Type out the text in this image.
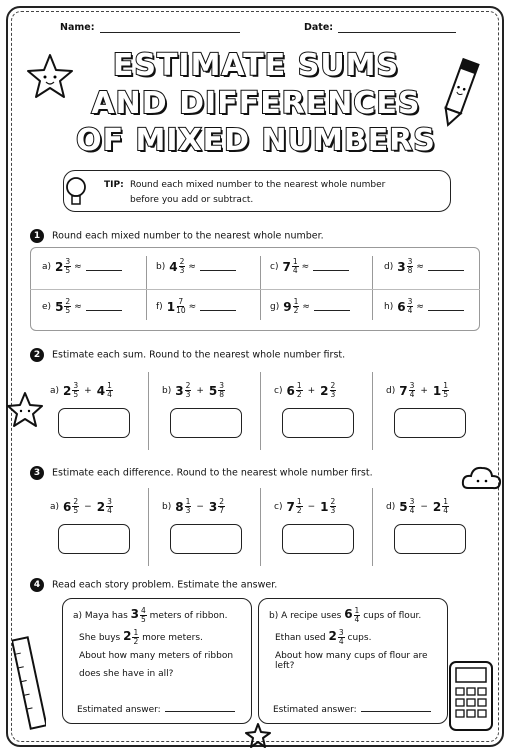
Name:	Date:
ESTIMATE SUMS
AND DIFFERENCES
OF MIXED NUMBERS
TIP: Round each mixed number to the nearest whole number
before you add or subtract.
1 Round each mixed number to the nearest whole number.
a) $2 \frac{3}{5}$ ≈	b) $4 \frac{2}{3}$ ≈	c) $7 \frac{1}{4}$ ≈	d) $3 \frac{3}{8}$ ≈
e) $5 \frac{2}{5}$ ≈	f) $1 \frac{7}{10}$ ≈	g) $9 \frac{1}{2}$ ≈	h) $6 \frac{3}{4}$ ≈
2 Estimate each sum. Round to the nearest whole number first.
a) $2 \frac{3}{5} + 4 \frac{1}{4}$	b) $3 \frac{2}{3} + 5 \frac{3}{8}$	c) $6 \frac{1}{2} + 2 \frac{2}{3}$	d) $7 \frac{3}{4} + 1 \frac{1}{5}$
3 Estimate each difference. Round to the nearest whole number first.
a) $6 \frac{2}{5} - 2 \frac{3}{4}$	b) $8 \frac{1}{3} - 3 \frac{2}{7}$	c) $7 \frac{1}{2} - 1 \frac{2}{3}$	d) $5 \frac{3}{4} - 2 \frac{1}{4}$
4 Read each story problem. Estimate the answer.
a) Maya has $3 \frac{4}{5}$ meters of ribbon.
She buys $2 \frac{1}{2}$ more meters.
About how many meters of ribbon
does she have in all?
Estimated answer:
b) A recipe uses $6 \frac{1}{4}$ cups of flour.
Ethan used $2 \frac{3}{4}$ cups.
About how many cups of flour are left?
Estimated answer:
